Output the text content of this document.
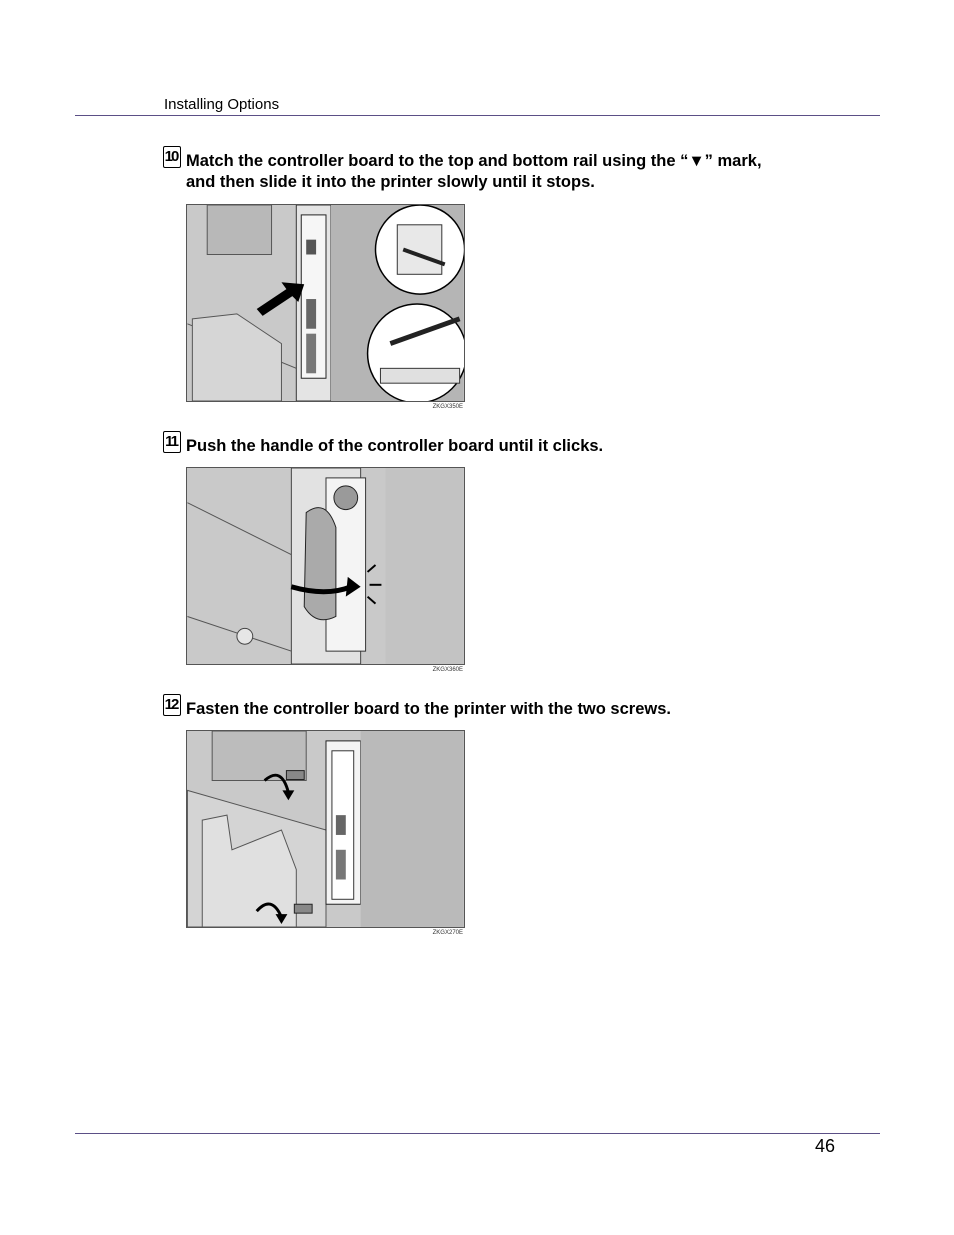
Installing Options
10 Match the controller board to the top and bottom rail using the “▼” mark,
and then slide it into the printer slowly until it stops.
ZKGX350E
11 Push the handle of the controller board until it clicks.
ZKGX360E
12 Fasten the controller board to the printer with the two screws.
ZKGX270E
46
